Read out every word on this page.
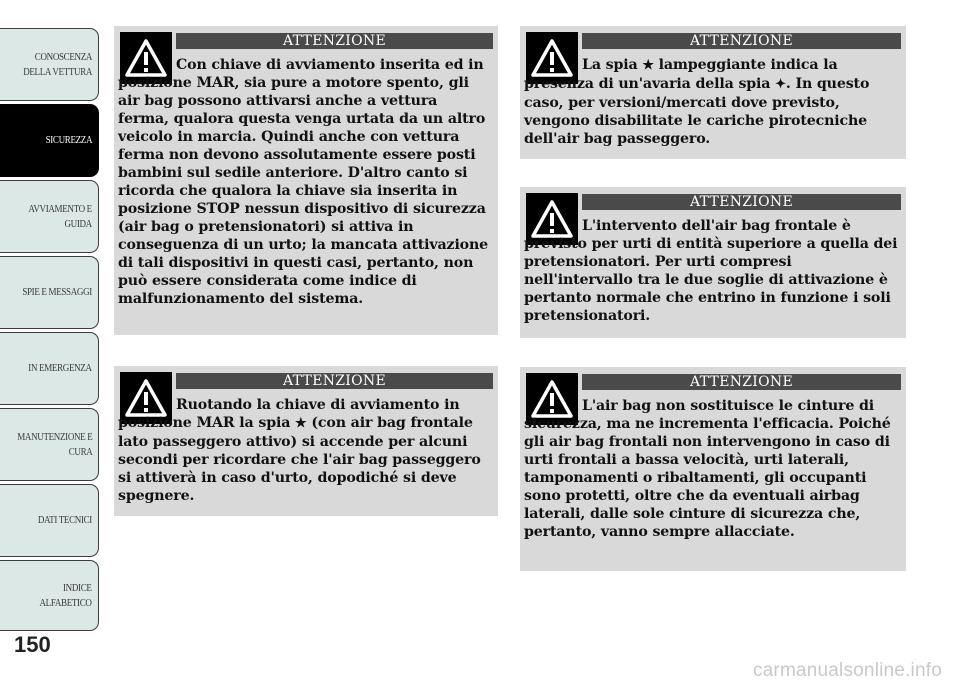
CONOSCENZA
DELLA VETTURA
SICUREZZA
AVVIAMENTO E
GUIDA
SPIE E MESSAGGI
IN EMERGENZA
MANUTENZIONE E
CURA
DATI TECNICI
INDICE
ALFABETICO
150
ATTENZIONE

Con chiave di avviamento inserita ed in posizione MAR, sia pure a motore spento, gli air bag possono attivarsi anche a vettura ferma, qualora questa venga urtata da un altro veicolo in marcia. Quindi anche con vettura ferma non devono assolutamente essere posti bambini sul sedile anteriore. D'altro canto si ricorda che qualora la chiave sia inserita in posizione STOP nessun dispositivo di sicurezza (air bag o pretensionatori) si attiva in conseguenza di un urto; la mancata attivazione di tali dispositivi in questi casi, pertanto, non può essere considerata come indice di malfunzionamento del sistema.

ATTENZIONE

Ruotando la chiave di avviamento in posizione MAR la spia ★ (con air bag frontale lato passeggero attivo) si accende per alcuni secondi per ricordare che l'air bag passeggero si attiverà in caso d'urto, dopodiché si deve spegnere.

ATTENZIONE

La spia ★ lampeggiante indica la presenza di un'avaria della spia ✦. In questo caso, per versioni/mercati dove previsto, vengono disabilitate le cariche pirotecniche dell'air bag passeggero.

ATTENZIONE

L'intervento dell'air bag frontale è previsto per urti di entità superiore a quella dei pretensionatori. Per urti compresi nell'intervallo tra le due soglie di attivazione è pertanto normale che entrino in funzione i soli pretensionatori.

ATTENZIONE

L'air bag non sostituisce le cinture di sicurezza, ma ne incrementa l'efficacia. Poiché gli air bag frontali non intervengono in caso di urti frontali a bassa velocità, urti laterali, tamponamenti o ribaltamenti, gli occupanti sono protetti, oltre che da eventuali airbag laterali, dalle sole cinture di sicurezza che, pertanto, vanno sempre allacciate.

carmanualsonline.info
